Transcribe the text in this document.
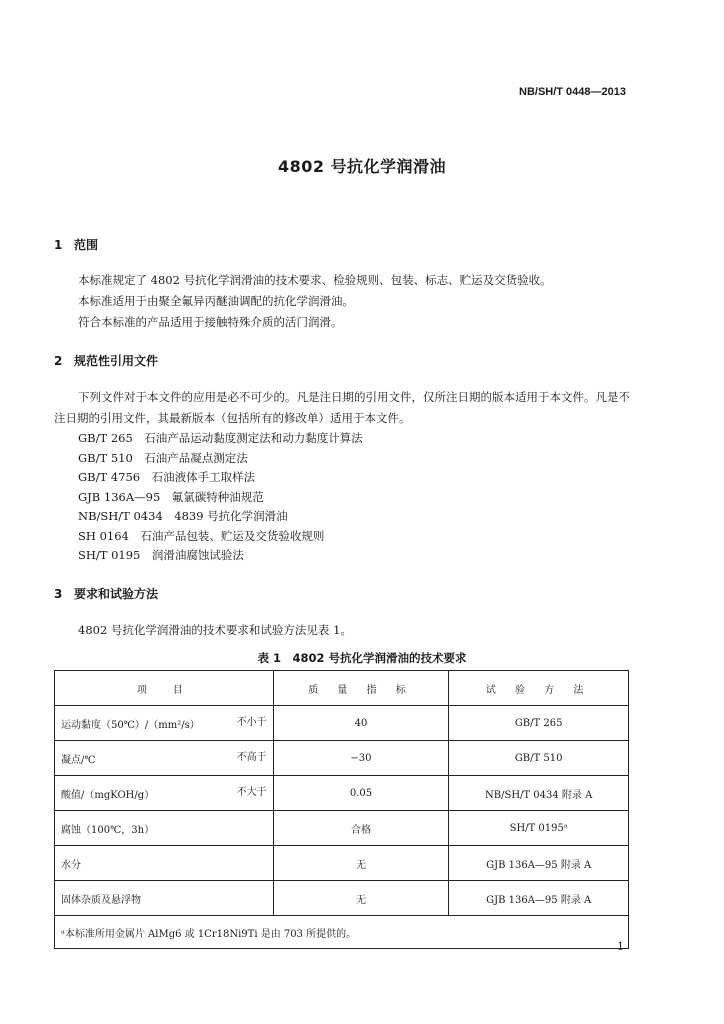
NB/SH/T 0448—2013
4802 号抗化学润滑油
1 范围

本标准规定了 4802 号抗化学润滑油的技术要求、检验规则、包装、标志、贮运及交货验收。

本标准适用于由聚全氟异丙醚油调配的抗化学润滑油。

符合本标准的产品适用于接触特殊介质的活门润滑。

2 规范性引用文件

下列文件对于本文件的应用是必不可少的。凡是注日期的引用文件，仅所注日期的版本适用于本文件。凡是不注日期的引用文件，其最新版本（包括所有的修改单）适用于本文件。

GB/T 265　石油产品运动黏度测定法和动力黏度计算法
GB/T 510　石油产品凝点测定法
GB/T 4756　石油液体手工取样法
GJB 136A—95　氟氯碳特种油规范
NB/SH/T 0434　4839 号抗化学润滑油
SH 0164　石油产品包装、贮运及交货验收规则
SH/T 0195　润滑油腐蚀试验法
3 要求和试验方法

4802 号抗化学润滑油的技术要求和试验方法见表 1。

表 1　4802 号抗化学润滑油的技术要求
项　目	质 量 指 标	试 验 方 法
运动黏度（50℃）/（mm²/s） 不小于	40	GB/T 265
凝点/℃ 不高于	−30	GB/T 510
酸值/（mgKOH/g） 不大于	0.05	NB/SH/T 0434 附录 A
腐蚀（100℃，3h）	合格	SH/T 0195ᵃ
水分	无	GJB 136A—95 附录 A
固体杂质及悬浮物	无	GJB 136A—95 附录 A
ᵃ本标准所用金属片 AlMg6 或 1Cr18Ni9Ti 是由 703 所提供的。		
1
